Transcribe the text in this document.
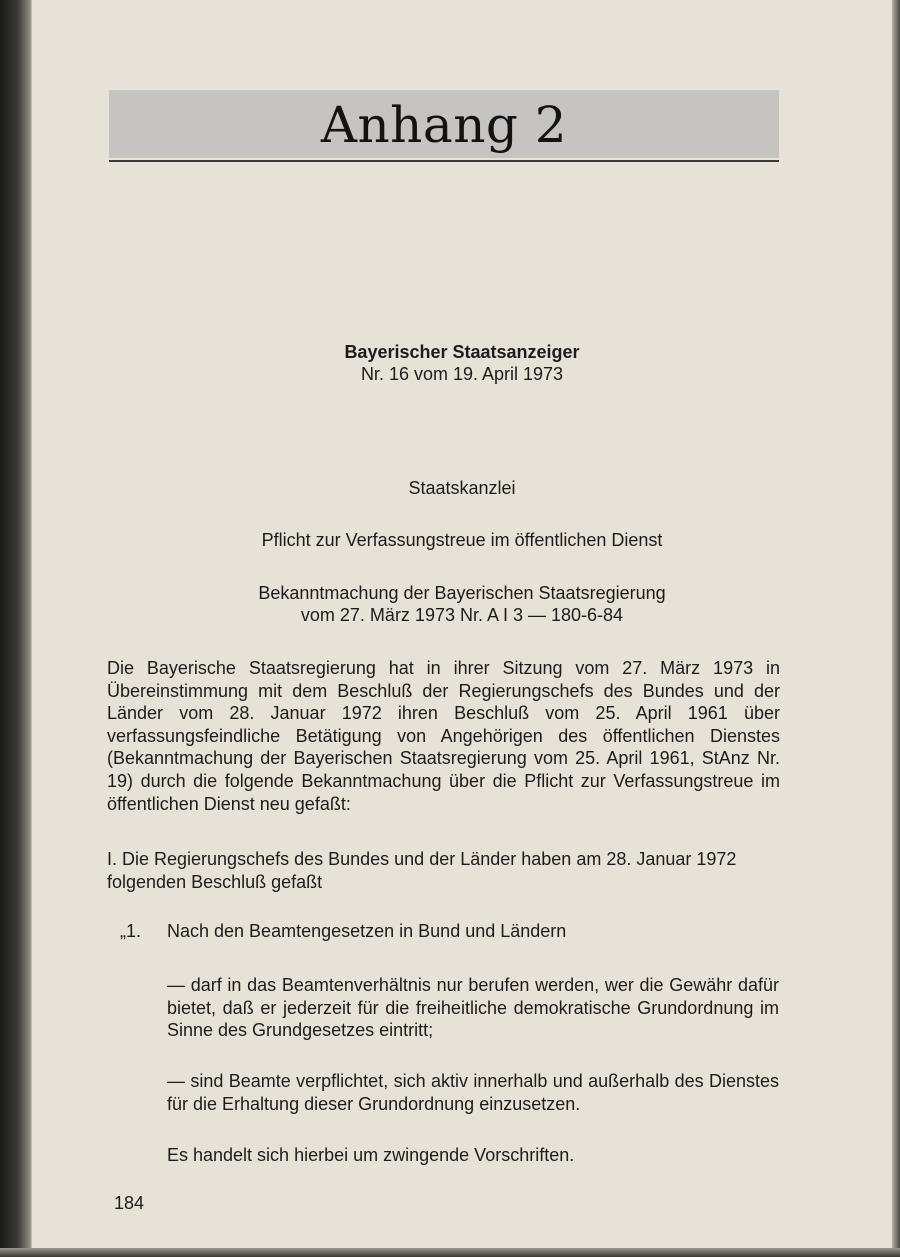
Anhang 2
Bayerischer Staatsanzeiger
Nr. 16 vom 19. April 1973
Staatskanzlei
Pflicht zur Verfassungstreue im öffentlichen Dienst
Bekanntmachung der Bayerischen Staatsregierung
vom 27. März 1973 Nr. A I 3 — 180-6-84
Die Bayerische Staatsregierung hat in ihrer Sitzung vom 27. März 1973 in Übereinstimmung mit dem Beschluß der Regierungschefs des Bundes und der Länder vom 28. Januar 1972 ihren Beschluß vom 25. April 1961 über verfassungsfeindliche Betätigung von Angehörigen des öffentlichen Dienstes (Bekanntmachung der Bayerischen Staatsregierung vom 25. April 1961, StAnz Nr. 19) durch die folgende Bekanntmachung über die Pflicht zur Verfassungstreue im öffentlichen Dienst neu gefaßt:
I. Die Regierungschefs des Bundes und der Länder haben am 28. Januar 1972 folgenden Beschluß gefaßt
„1. Nach den Beamtengesetzen in Bund und Ländern
— darf in das Beamtenverhältnis nur berufen werden, wer die Gewähr dafür bietet, daß er jederzeit für die freiheitliche demokratische Grundordnung im Sinne des Grundgesetzes eintritt;
— sind Beamte verpflichtet, sich aktiv innerhalb und außerhalb des Dienstes für die Erhaltung dieser Grundordnung einzusetzen.
Es handelt sich hierbei um zwingende Vorschriften.
184
